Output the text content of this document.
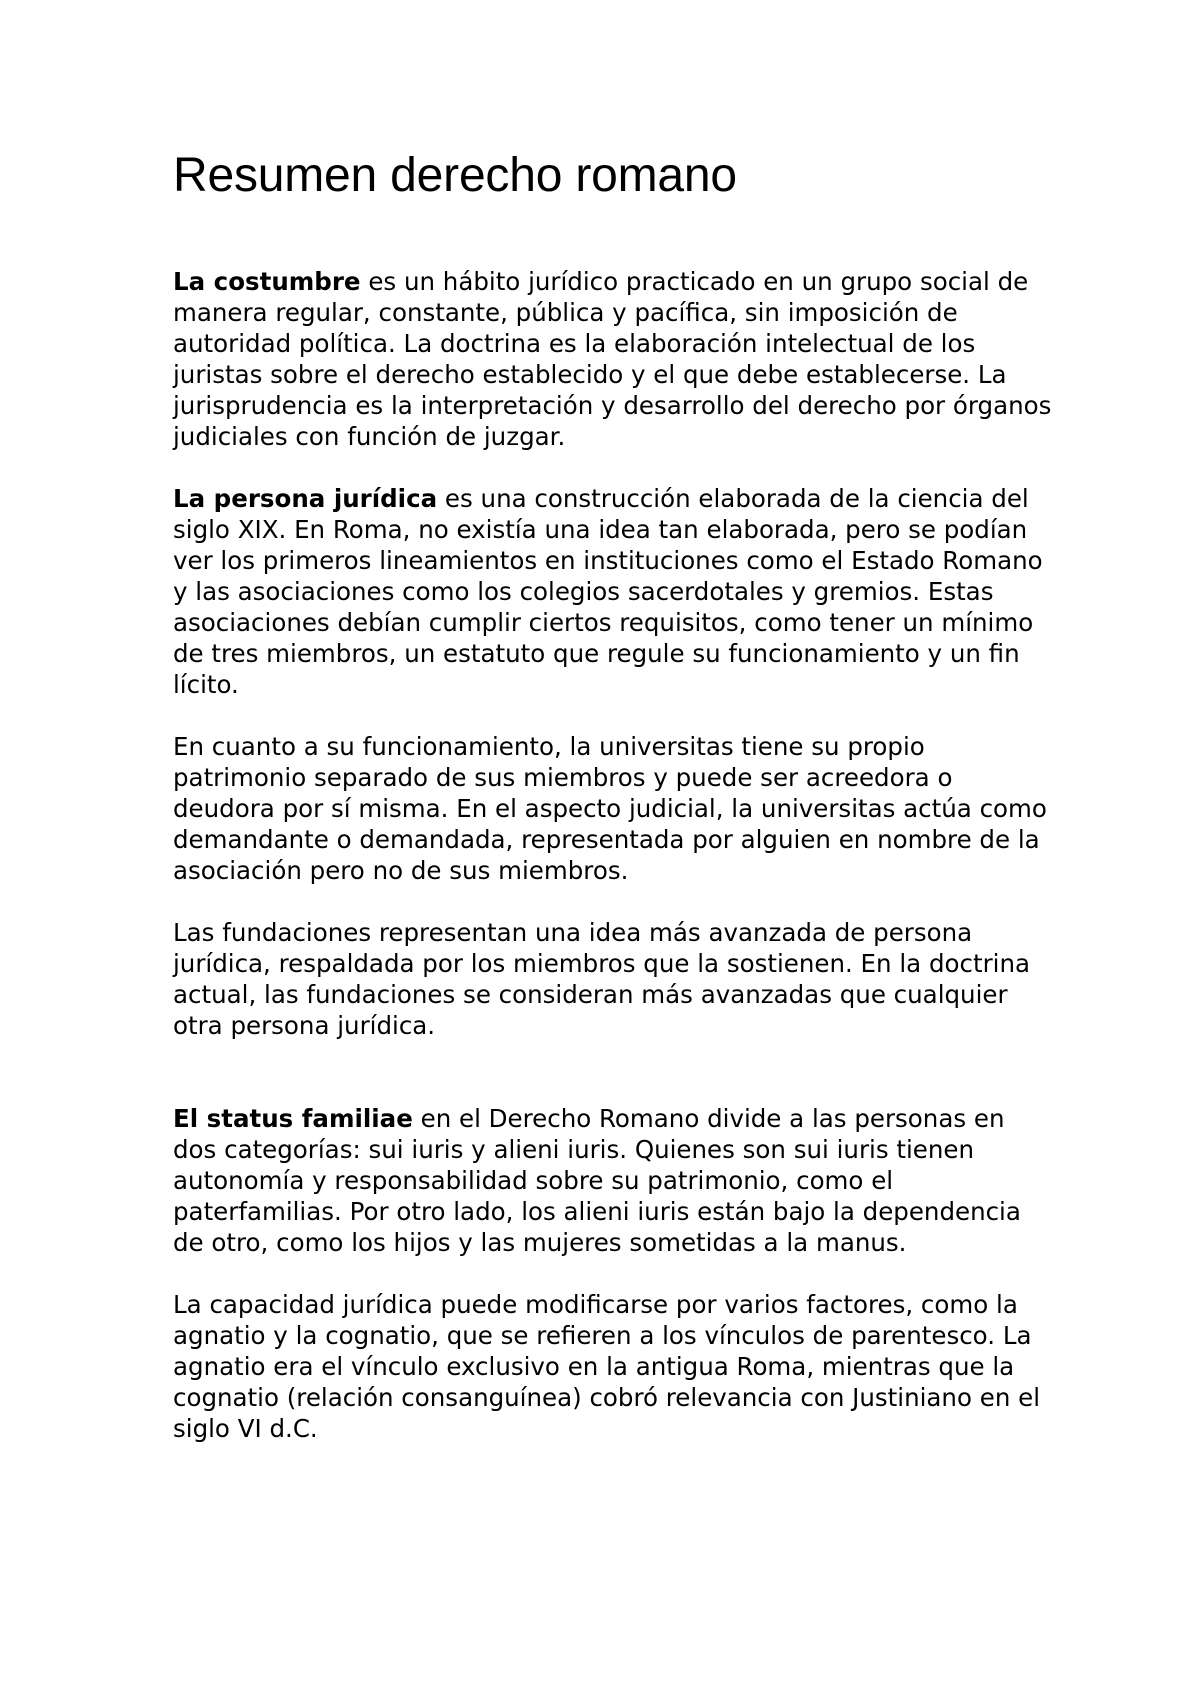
Resumen derecho romano

La costumbre es un hábito jurídico practicado en un grupo social de manera regular, constante, pública y pacífica, sin imposición de autoridad política. La doctrina es la elaboración intelectual de los juristas sobre el derecho establecido y el que debe establecerse. La jurisprudencia es la interpretación y desarrollo del derecho por órganos judiciales con función de juzgar.

La persona jurídica es una construcción elaborada de la ciencia del siglo XIX. En Roma, no existía una idea tan elaborada, pero se podían ver los primeros lineamientos en instituciones como el Estado Romano y las asociaciones como los colegios sacerdotales y gremios. Estas asociaciones debían cumplir ciertos requisitos, como tener un mínimo de tres miembros, un estatuto que regule su funcionamiento y un fin lícito.

En cuanto a su funcionamiento, la universitas tiene su propio patrimonio separado de sus miembros y puede ser acreedora o deudora por sí misma. En el aspecto judicial, la universitas actúa como demandante o demandada, representada por alguien en nombre de la asociación pero no de sus miembros.

Las fundaciones representan una idea más avanzada de persona jurídica, respaldada por los miembros que la sostienen. En la doctrina actual, las fundaciones se consideran más avanzadas que cualquier otra persona jurídica.

El status familiae en el Derecho Romano divide a las personas en dos categorías: sui iuris y alieni iuris. Quienes son sui iuris tienen autonomía y responsabilidad sobre su patrimonio, como el paterfamilias. Por otro lado, los alieni iuris están bajo la dependencia de otro, como los hijos y las mujeres sometidas a la manus.

La capacidad jurídica puede modificarse por varios factores, como la agnatio y la cognatio, que se refieren a los vínculos de parentesco. La agnatio era el vínculo exclusivo en la antigua Roma, mientras que la cognatio (relación consanguínea) cobró relevancia con Justiniano en el siglo VI d.C.
